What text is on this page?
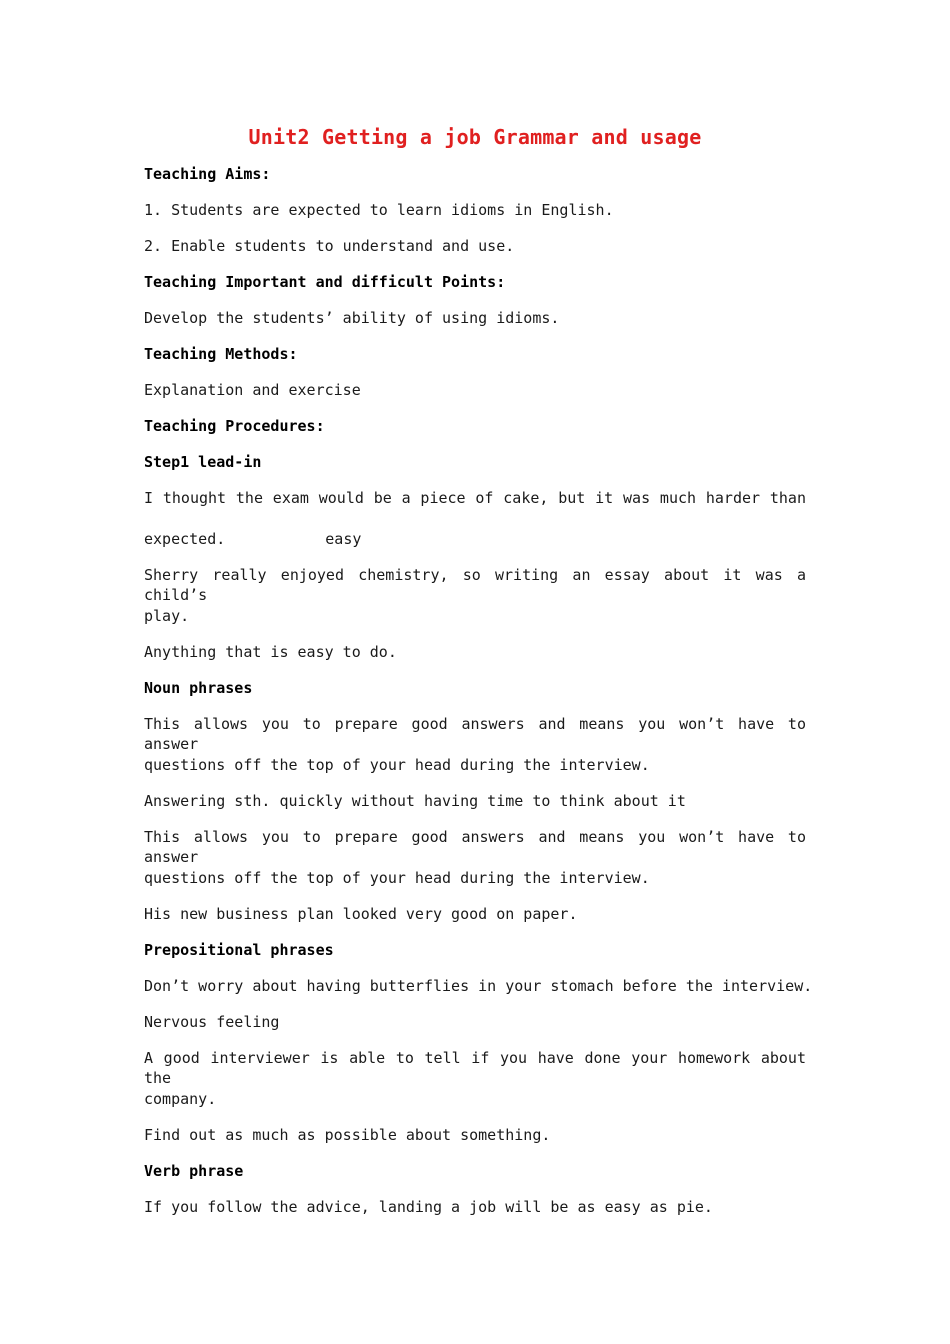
Unit2 Getting a job Grammar and usage

Teaching Aims:

1. Students are expected to learn idioms in English.

2. Enable students to understand and use.

Teaching Important and difficult Points:

Develop the students’ ability of using idioms.

Teaching Methods:

Explanation and exercise

Teaching Procedures:

Step1 lead-in

I thought the exam would be a piece of cake, but it was much harder than

expected.	easy

Sherry really enjoyed chemistry, so writing an essay about it was a child’s

play.

Anything that is easy to do.

Noun phrases

This allows you to prepare good answers and means you won’t have to answer

questions off the top of your head during the interview.

Answering sth. quickly without having time to think about it

This allows you to prepare good answers and means you won’t have to answer

questions off the top of your head during the interview.

His new business plan looked very good on paper.

Prepositional phrases

Don’t worry about having butterflies in your stomach before the interview.

Nervous feeling

A good interviewer is able to tell if you have done your homework about the

company.

Find out as much as possible about something.

Verb phrase

If you follow the advice, landing a job will be as easy as pie.
